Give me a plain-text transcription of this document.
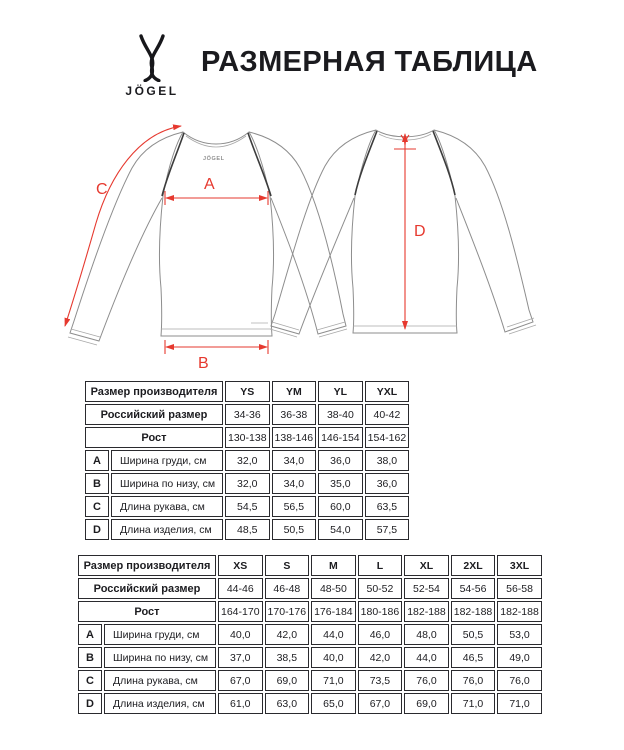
JÖGEL
РАЗМЕРНАЯ ТАБЛИЦА
JÖGEL
A
B
C
D
Размер производителя		YS	YM	YL	YXL
Российский размер		34-36	36-38	38-40	40-42
Рост		130-138	138-146	146-154	154-162
A	Ширина груди, см	32,0	34,0	36,0	38,0
B	Ширина по низу, см	32,0	34,0	35,0	36,0
C	Длина рукава, см	54,5	56,5	60,0	63,5
D	Длина изделия, см	48,5	50,5	54,0	57,5
Размер производителя		XS	S	M	L	XL	2XL	3XL
Российский размер		44-46	46-48	48-50	50-52	52-54	54-56	56-58
Рост		164-170	170-176	176-184	180-186	182-188	182-188	182-188
A	Ширина груди, см	40,0	42,0	44,0	46,0	48,0	50,5	53,0
B	Ширина по низу, см	37,0	38,5	40,0	42,0	44,0	46,5	49,0
C	Длина рукава, см	67,0	69,0	71,0	73,5	76,0	76,0	76,0
D	Длина изделия, см	61,0	63,0	65,0	67,0	69,0	71,0	71,0
